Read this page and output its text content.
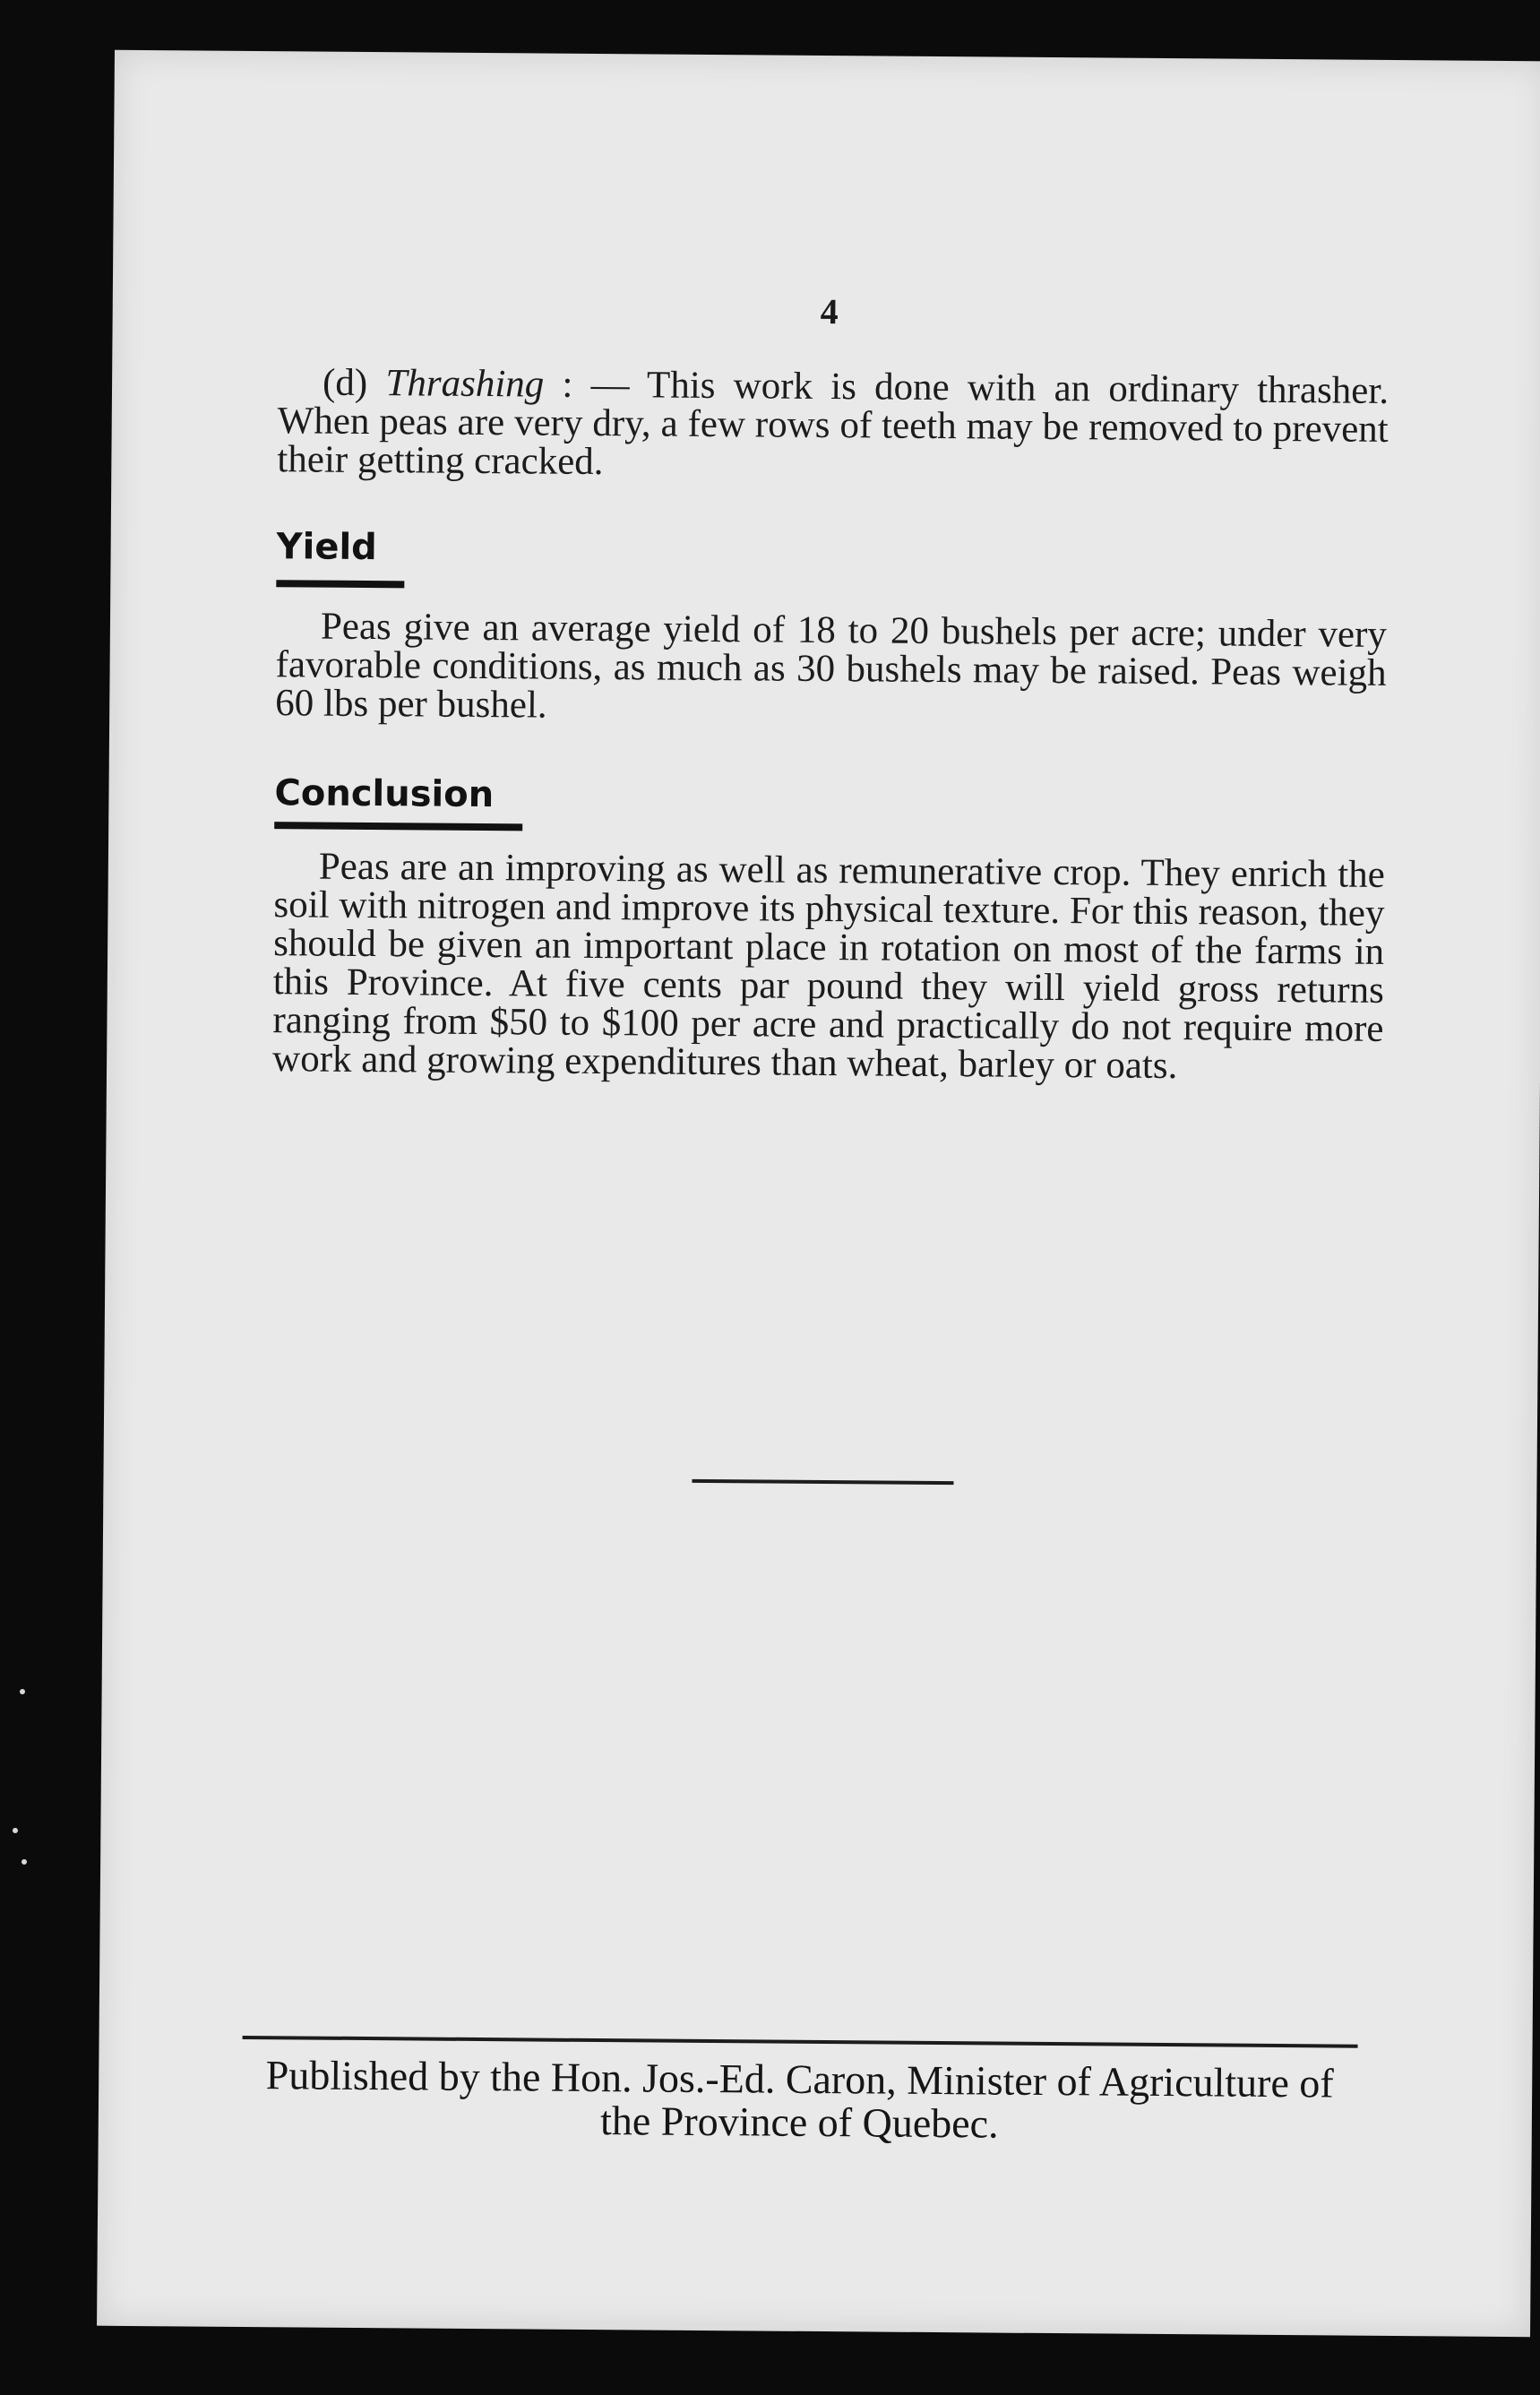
4

(d) Thrashing : — This work is done with an ordinary thrasher. When peas are very dry, a few rows of teeth may be removed to prevent their getting cracked.

Yield

Peas give an average yield of 18 to 20 bushels per acre; under very favorable conditions, as much as 30 bushels may be raised. Peas weigh 60 lbs per bushel.

Conclusion

Peas are an improving as well as remunerative crop. They enrich the soil with nitrogen and improve its physical texture. For this reason, they should be given an important place in rotation on most of the farms in this Province. At five cents par pound they will yield gross returns ranging from $50 to $100 per acre and practically do not require more work and growing expenditures than wheat, barley or oats.

Published by the Hon. Jos.-Ed. Caron, Minister of Agriculture of the Province of Quebec.
